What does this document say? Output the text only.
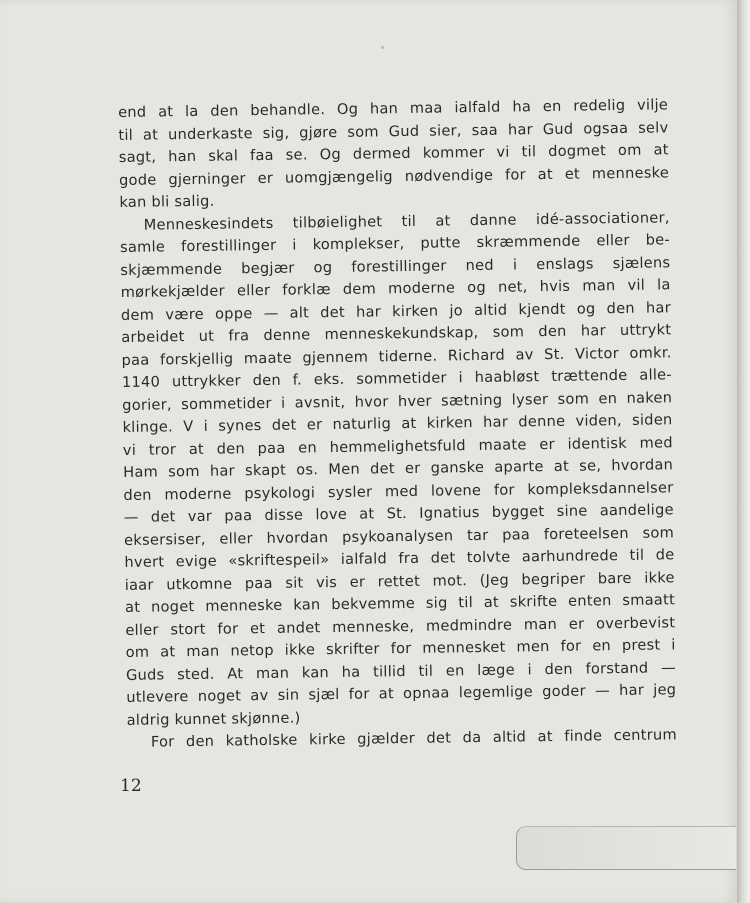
end at la den behandle. Og han maa ialfald ha en redelig vilje
til at underkaste sig, gjøre som Gud sier, saa har Gud ogsaa selv
sagt, han skal faa se. Og dermed kommer vi til dogmet om at
gode gjerninger er uomgjængelig nødvendige for at et menneske
kan bli salig.
Menneskesindets tilbøielighet til at danne idé-associationer,
samle forestillinger i komplekser, putte skræmmende eller be-
skjæmmende begjær og forestillinger ned i enslags sjælens
mørkekjælder eller forklæ dem moderne og net, hvis man vil la
dem være oppe — alt det har kirken jo altid kjendt og den har
arbeidet ut fra denne menneskekundskap, som den har uttrykt
paa forskjellig maate gjennem tiderne. Richard av St. Victor omkr.
1140 uttrykker den f. eks. sommetider i haabløst trættende alle-
gorier, sommetider i avsnit, hvor hver sætning lyser som en naken
klinge. V i synes det er naturlig at kirken har denne viden, siden
vi tror at den paa en hemmelighetsfuld maate er identisk med
Ham som har skapt os. Men det er ganske aparte at se, hvordan
den moderne psykologi sysler med lovene for kompleksdannelser
— det var paa disse love at St. Ignatius bygget sine aandelige
eksersiser, eller hvordan psykoanalysen tar paa foreteelsen som
hvert evige «skriftespeil» ialfald fra det tolvte aarhundrede til de
iaar utkomne paa sit vis er rettet mot. (Jeg begriper bare ikke
at noget menneske kan bekvemme sig til at skrifte enten smaatt
eller stort for et andet menneske, medmindre man er overbevist
om at man netop ikke skrifter for mennesket men for en prest i
Guds sted. At man kan ha tillid til en læge i den forstand —
utlevere noget av sin sjæl for at opnaa legemlige goder — har jeg
aldrig kunnet skjønne.)
For den katholske kirke gjælder det da altid at finde centrum
12
